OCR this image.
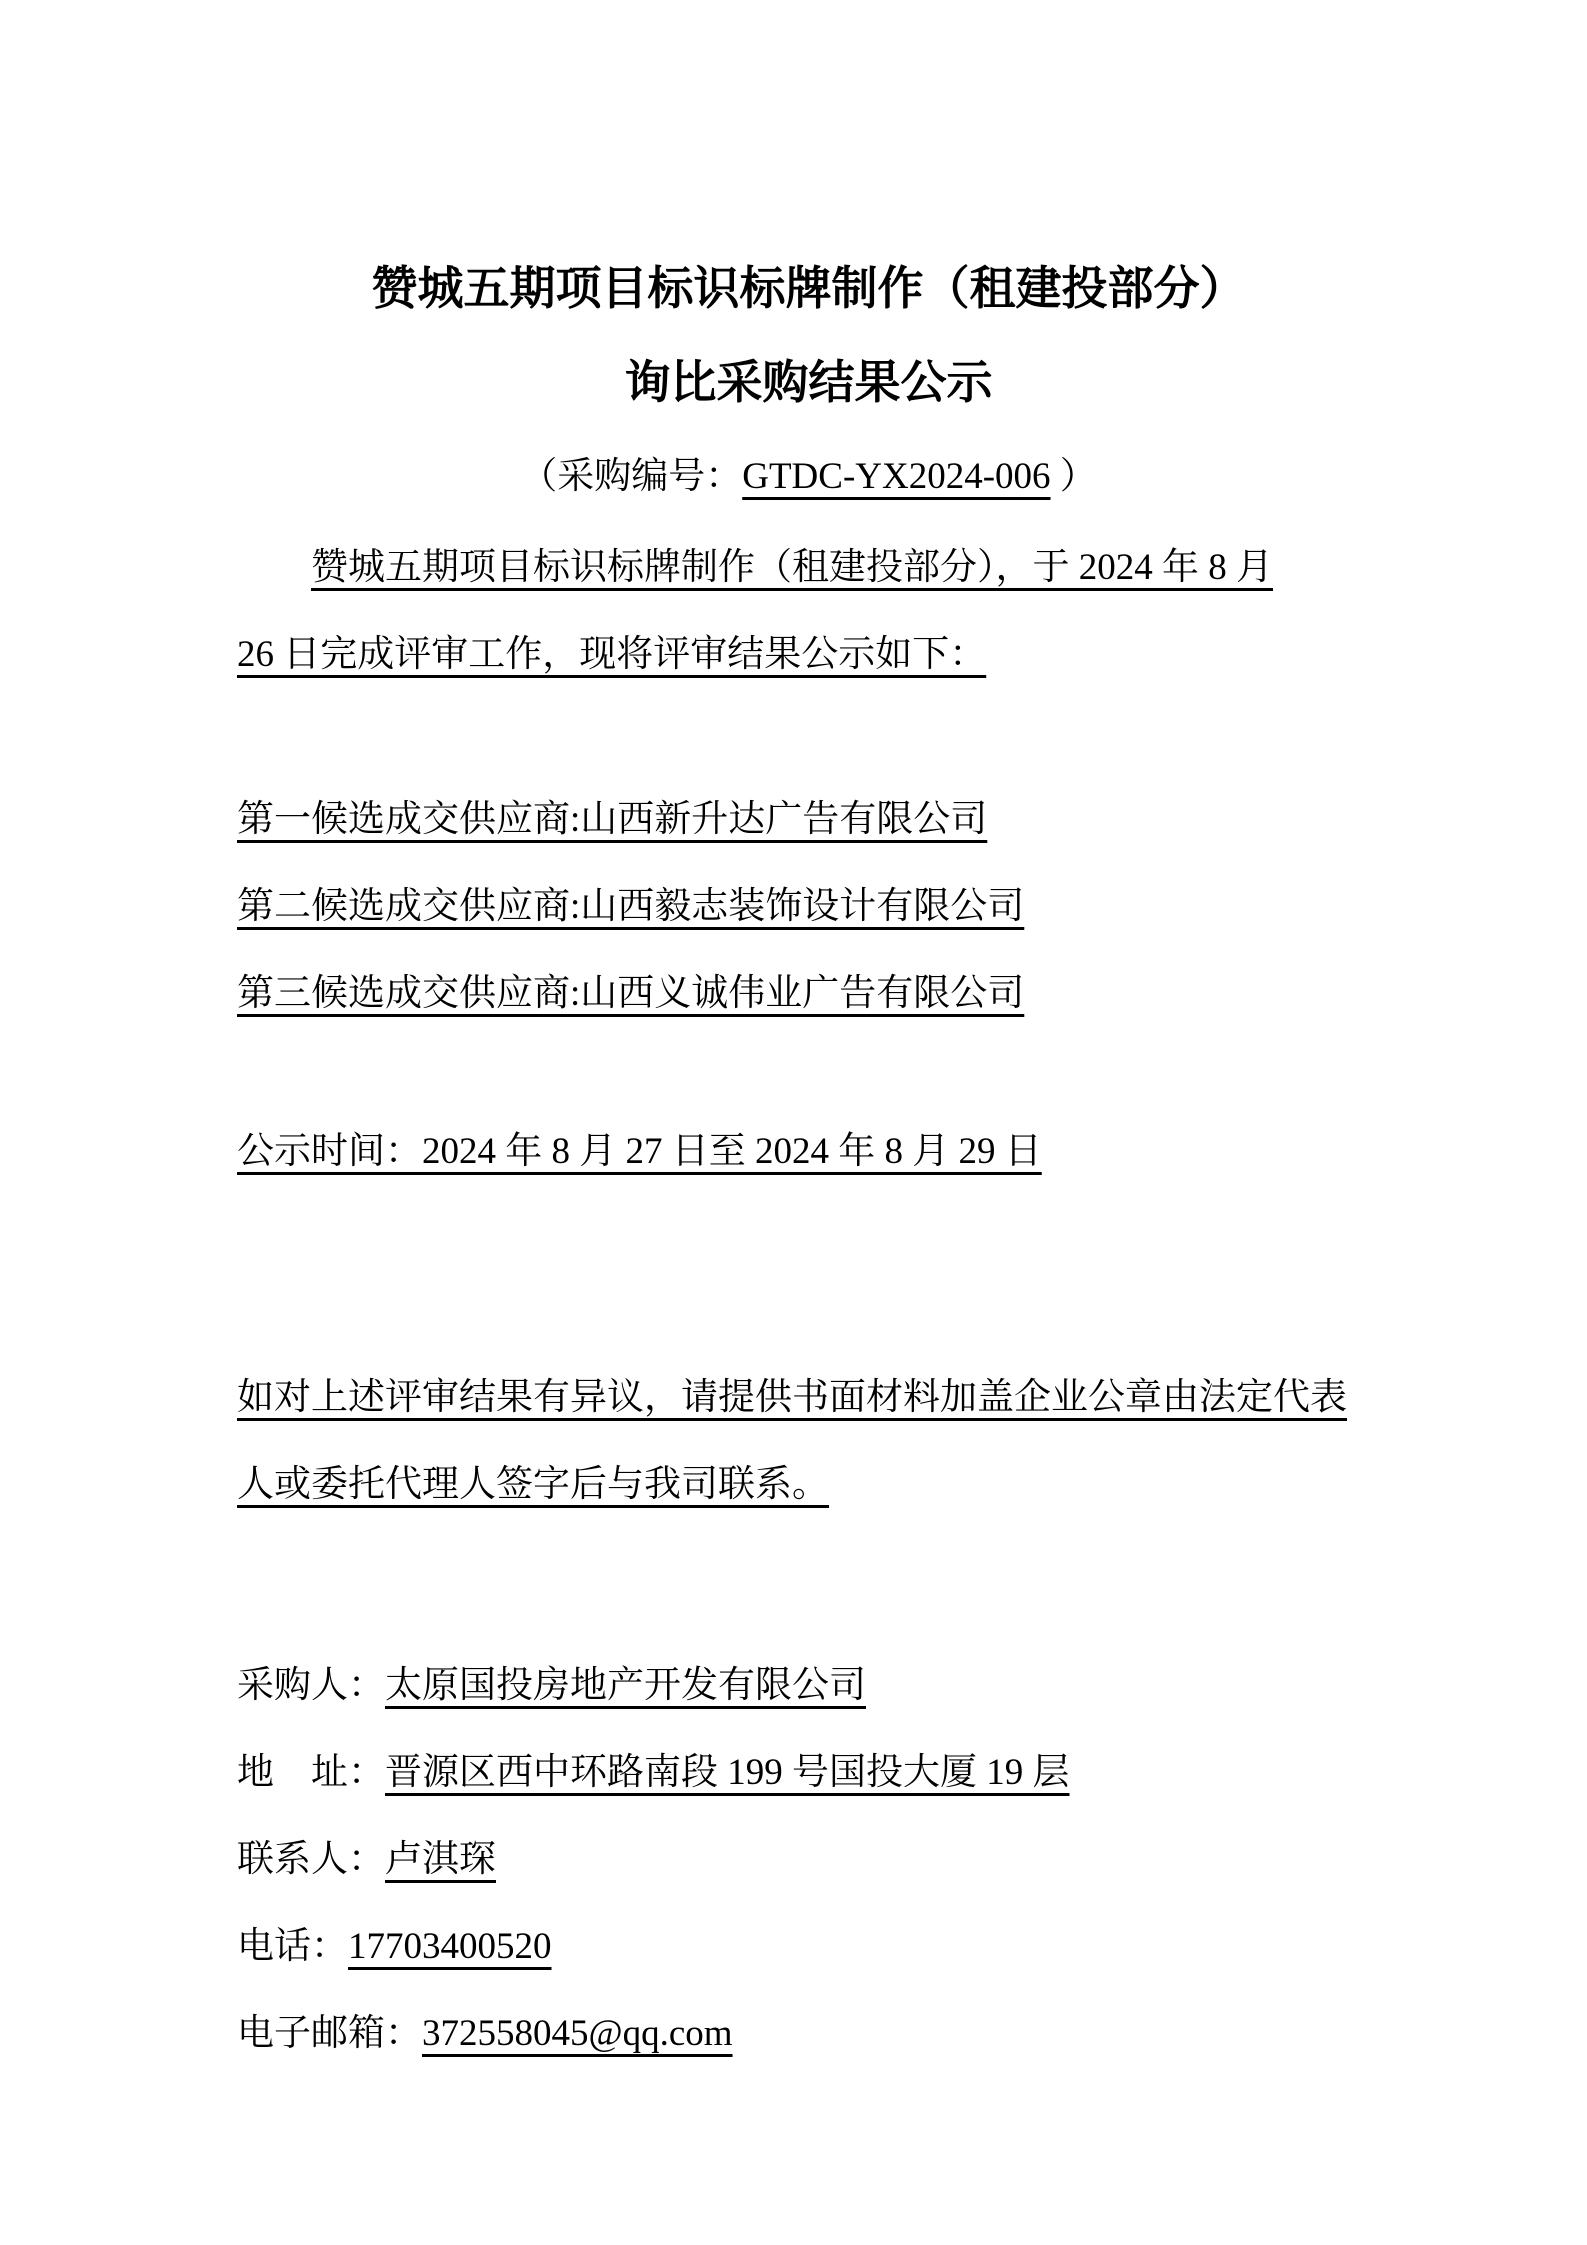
赞城五期项目标识标牌制作（租建投部分）
询比采购结果公示
（采购编号：GTDC-YX2024-006 ）
赞城五期项目标识标牌制作（租建投部分），于 2024 年 8 月
26 日完成评审工作，现将评审结果公示如下：
第一候选成交供应商:山西新升达广告有限公司
第二候选成交供应商:山西毅志装饰设计有限公司
第三候选成交供应商:山西义诚伟业广告有限公司
公示时间：2024 年 8 月 27 日至 2024 年 8 月 29 日
如对上述评审结果有异议，请提供书面材料加盖企业公章由法定代表
人或委托代理人签字后与我司联系。
采购人：太原国投房地产开发有限公司
地　址：晋源区西中环路南段 199 号国投大厦 19 层
联系人：卢淇琛
电话：17703400520
电子邮箱：372558045@qq.com
